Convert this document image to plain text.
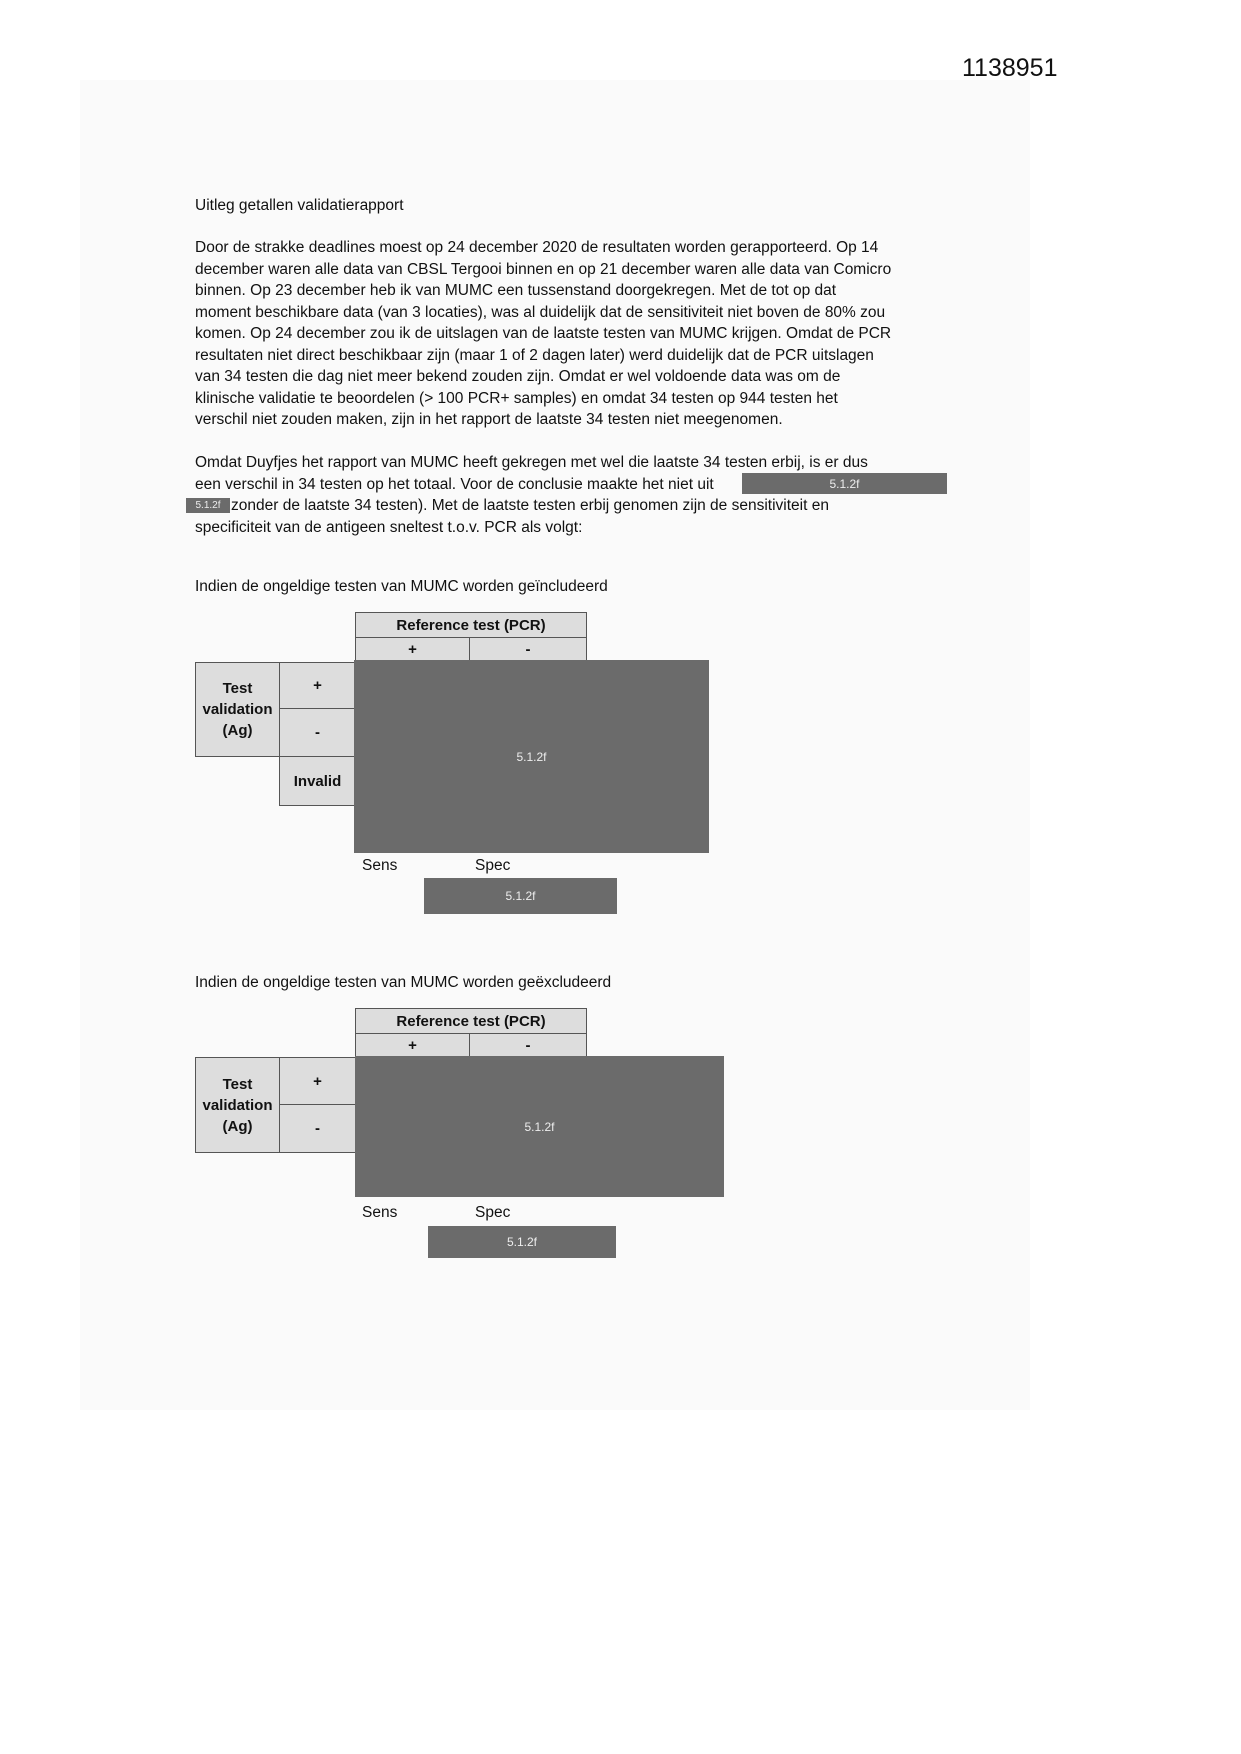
1138951
Uitleg getallen validatierapport
Door de strakke deadlines moest op 24 december 2020 de resultaten worden gerapporteerd. Op 14
december waren alle data van CBSL Tergooi binnen en op 21 december waren alle data van Comicro
binnen. Op 23 december heb ik van MUMC een tussenstand doorgekregen. Met de tot op dat
moment beschikbare data (van 3 locaties), was al duidelijk dat de sensitiviteit niet boven de 80% zou
komen. Op 24 december zou ik de uitslagen van de laatste testen van MUMC krijgen. Omdat de PCR
resultaten niet direct beschikbaar zijn (maar 1 of 2 dagen later) werd duidelijk dat de PCR uitslagen
van 34 testen die dag niet meer bekend zouden zijn. Omdat er wel voldoende data was om de
klinische validatie te beoordelen (> 100 PCR+ samples) en omdat 34 testen op 944 testen het
verschil niet zouden maken, zijn in het rapport de laatste 34 testen niet meegenomen.
Omdat Duyfjes het rapport van MUMC heeft gekregen met wel die laatste 34 testen erbij, is er dus
een verschil in 34 testen op het totaal. Voor de conclusie maakte het niet uit
zonder de laatste 34 testen). Met de laatste testen erbij genomen zijn de sensitiviteit en
specificiteit van de antigeen sneltest t.o.v. PCR als volgt:
5.1.2f
5.1.2f
Indien de ongeldige testen van MUMC worden geïncludeerd
Reference test (PCR)
+	-
Test validation (Ag)
+
-
Invalid
5.1.2f
Sens	Spec
5.1.2f
Indien de ongeldige testen van MUMC worden geëxcludeerd
Reference test (PCR)
+	-
Test validation (Ag)
+
-	5.1.2f
Sens	Spec
5.1.2f
